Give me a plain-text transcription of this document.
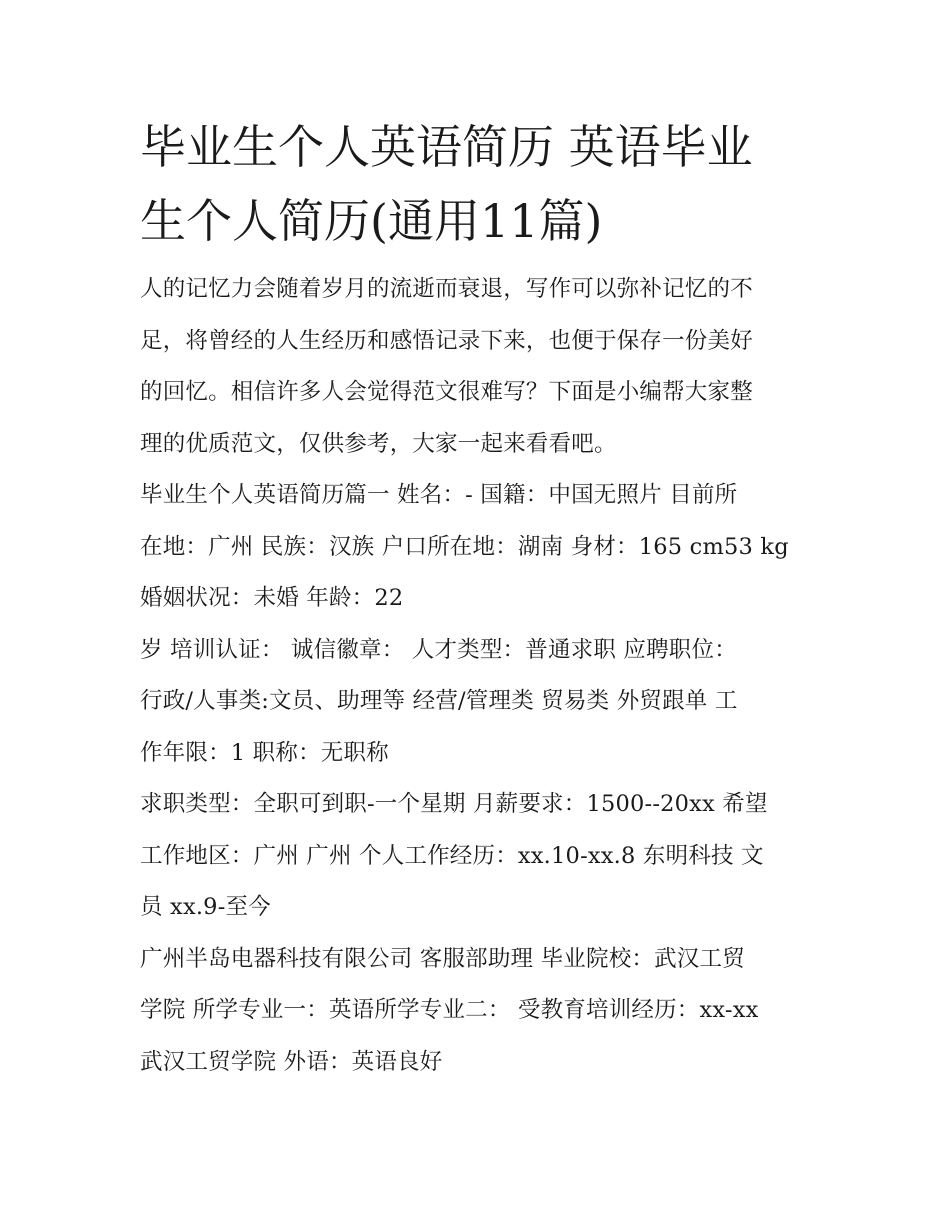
毕业生个人英语简历 英语毕业
生个人简历(通用11篇)

人的记忆力会随着岁月的流逝而衰退，写作可以弥补记忆的不
足，将曾经的人生经历和感悟记录下来，也便于保存一份美好
的回忆。相信许多人会觉得范文很难写？下面是小编帮大家整
理的优质范文，仅供参考，大家一起来看看吧。

毕业生个人英语简历篇一 姓名：- 国籍：中国无照片 目前所
在地：广州 民族：汉族 户口所在地：湖南 身材：165 cm53 kg
婚姻状况：未婚 年龄：22

岁 培训认证： 诚信徽章： 人才类型：普通求职 应聘职位：
行政/人事类:文员、助理等 经营/管理类 贸易类 外贸跟单 工
作年限：1 职称：无职称

求职类型：全职可到职-一个星期 月薪要求：1500--20xx 希望
工作地区：广州 广州 个人工作经历：xx.10-xx.8 东明科技 文
员 xx.9-至今

广州半岛电器科技有限公司 客服部助理 毕业院校：武汉工贸
学院 所学专业一：英语所学专业二： 受教育培训经历：xx-xx
武汉工贸学院 外语：英语良好
